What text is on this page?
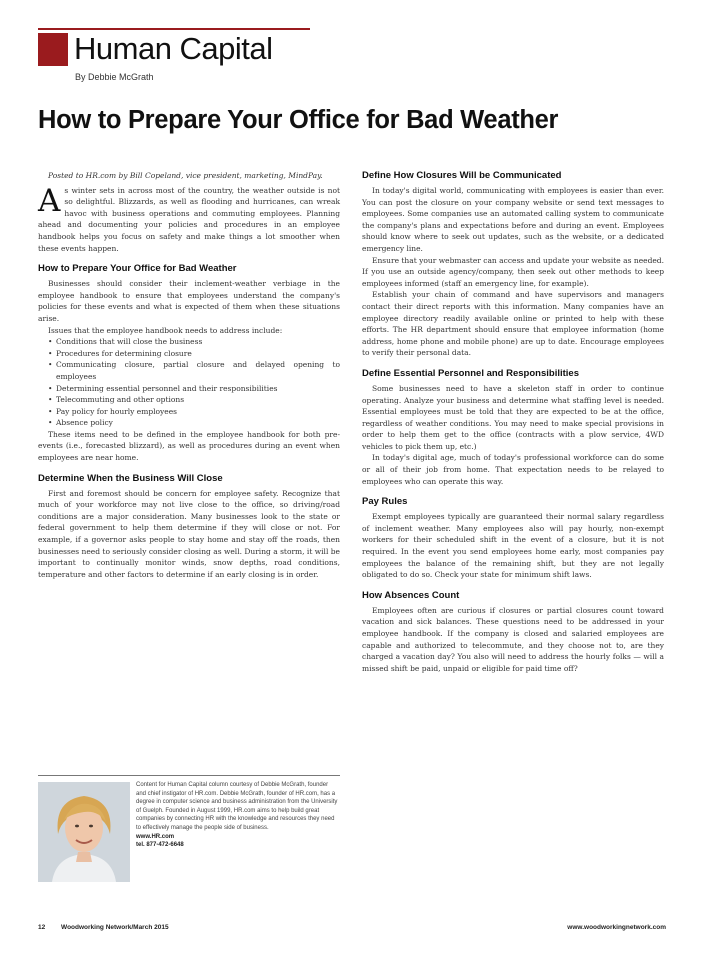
Human Capital
By Debbie McGrath
How to Prepare Your Office for Bad Weather

Posted to HR.com by Bill Copeland, vice president, marketing, MindPay.

As winter sets in across most of the country, the weather outside is not so delightful. Blizzards, as well as flooding and hurricanes, can wreak havoc with business operations and commuting employees. Planning ahead and documenting your policies and procedures in an employee handbook helps you focus on safety and make things a lot smoother when these events happen.

How to Prepare Your Office for Bad Weather

Businesses should consider their inclement-weather verbiage in the employee handbook to ensure that employees understand the company's policies for these events and what is expected of them when these situations arise.

Issues that the employee handbook needs to address include:

• Conditions that will close the business
• Procedures for determining closure
• Communicating closure, partial closure and delayed opening to employees
• Determining essential personnel and their responsibilities
• Telecommuting and other options
• Pay policy for hourly employees
• Absence policy

These items need to be defined in the employee handbook for both pre-events (i.e., forecasted blizzard), as well as procedures during an event when employees are near home.

Determine When the Business Will Close

First and foremost should be concern for employee safety. Recognize that much of your workforce may not live close to the office, so driving/road conditions are a major consideration. Many businesses look to the state or federal government to help them determine if they will close or not. For example, if a governor asks people to stay home and stay off the roads, then businesses need to seriously consider closing as well. During a storm, it will be important to continually monitor winds, snow depths, road conditions, temperature and other factors to determine if an early closing is in order.

Define How Closures Will be Communicated

In today's digital world, communicating with employees is easier than ever. You can post the closure on your company website or send text messages to employees. Some companies use an automated calling system to communicate the company's plans and expectations before and during an event. Employees should know where to seek out updates, such as the website, or a dedicated emergency line.

Ensure that your webmaster can access and update your website as needed. If you use an outside agency/company, then seek out other methods to keep employees informed (staff an emergency line, for example).

Establish your chain of command and have supervisors and managers contact their direct reports with this information. Many companies have an employee directory readily available online or printed to help with these efforts. The HR department should ensure that employee information (home address, home phone and mobile phone) are up to date. Encourage employees to verify their personal data.

Define Essential Personnel and Responsibilities

Some businesses need to have a skeleton staff in order to continue operating. Analyze your business and determine what staffing level is needed. Essential employees must be told that they are expected to be at the office, regardless of weather conditions. You may need to make special provisions in order to help them get to the office (contracts with a plow service, 4WD vehicles to pick them up, etc.)

In today's digital age, much of today's professional workforce can do some or all of their job from home. That expectation needs to be relayed to employees who can operate this way.

Pay Rules

Exempt employees typically are guaranteed their normal salary regardless of inclement weather. Many employees also will pay hourly, non-exempt workers for their scheduled shift in the event of a closure, but it is not required. In the event you send employees home early, most companies pay employees the balance of the remaining shift, but they are not legally obligated to do so. Check your state for minimum shift laws.

How Absences Count

Employees often are curious if closures or partial closures count toward vacation and sick balances. These questions need to be addressed in your employee handbook. If the company is closed and salaried employees are capable and authorized to telecommute, and they choose not to, are they charged a vacation day? You also will need to address the hourly folks — will a missed shift be paid, unpaid or eligible for paid time off?

Content for Human Capital column courtesy of Debbie McGrath, founder and chief instigator of HR.com. Debbie McGrath, founder of HR.com, has a degree in computer science and business administration from the University of Guelph. Founded in August 1999, HR.com aims to help build great companies by connecting HR with the knowledge and resources they need to effectively manage the people side of business.
www.HR.com
tel. 877-472-6648
12 Woodworking Network/March 2015	www.woodworkingnetwork.com
